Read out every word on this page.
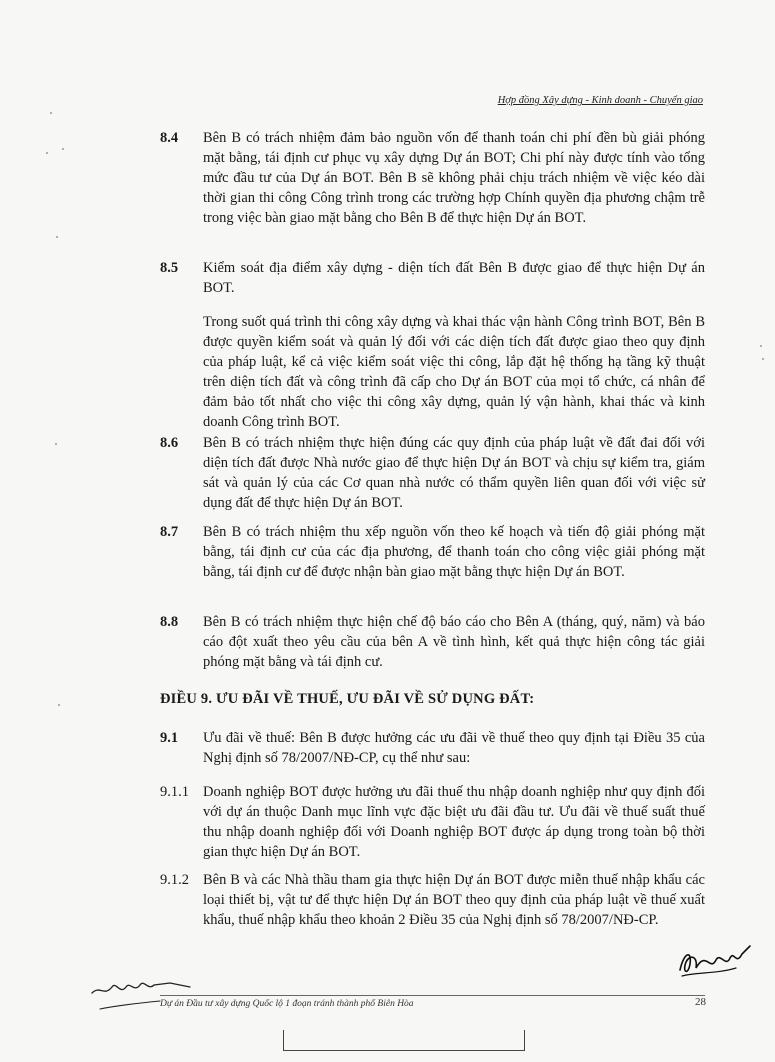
Hợp đồng Xây dựng - Kinh doanh - Chuyển giao
8.4	Bên B có trách nhiệm đảm bảo nguồn vốn để thanh toán chi phí đền bù giải phóng mặt bằng, tái định cư phục vụ xây dựng Dự án BOT; Chi phí này được tính vào tổng mức đầu tư của Dự án BOT. Bên B sẽ không phải chịu trách nhiệm về việc kéo dài thời gian thi công Công trình trong các trường hợp Chính quyền địa phương chậm trễ trong việc bàn giao mặt bằng cho Bên B để thực hiện Dự án BOT.
8.5	Kiểm soát địa điểm xây dựng - diện tích đất Bên B được giao để thực hiện Dự án BOT.
Trong suốt quá trình thi công xây dựng và khai thác vận hành Công trình BOT, Bên B được quyền kiểm soát và quản lý đối với các diện tích đất được giao theo quy định của pháp luật, kể cả việc kiểm soát việc thi công, lắp đặt hệ thống hạ tầng kỹ thuật trên diện tích đất và công trình đã cấp cho Dự án BOT của mọi tổ chức, cá nhân để đảm bảo tốt nhất cho việc thi công xây dựng, quản lý vận hành, khai thác và kinh doanh Công trình BOT.
8.6	Bên B có trách nhiệm thực hiện đúng các quy định của pháp luật về đất đai đối với diện tích đất được Nhà nước giao để thực hiện Dự án BOT và chịu sự kiểm tra, giám sát và quản lý của các Cơ quan nhà nước có thẩm quyền liên quan đối với việc sử dụng đất để thực hiện Dự án BOT.
8.7	Bên B có trách nhiệm thu xếp nguồn vốn theo kế hoạch và tiến độ giải phóng mặt bằng, tái định cư của các địa phương, để thanh toán cho công việc giải phóng mặt bằng, tái định cư để được nhận bàn giao mặt bằng thực hiện Dự án BOT.
8.8	Bên B có trách nhiệm thực hiện chế độ báo cáo cho Bên A (tháng, quý, năm) và báo cáo đột xuất theo yêu cầu của bên A về tình hình, kết quả thực hiện công tác giải phóng mặt bằng và tái định cư.
ĐIỀU 9. ƯU ĐÃI VỀ THUẾ, ƯU ĐÃI VỀ SỬ DỤNG ĐẤT:
9.1	Ưu đãi về thuế: Bên B được hưởng các ưu đãi về thuế theo quy định tại Điều 35 của Nghị định số 78/2007/NĐ-CP, cụ thể như sau:
9.1.1 Doanh nghiệp BOT được hưởng ưu đãi thuế thu nhập doanh nghiệp như quy định đối với dự án thuộc Danh mục lĩnh vực đặc biệt ưu đãi đầu tư. Ưu đãi về thuế suất thuế thu nhập doanh nghiệp đối với Doanh nghiệp BOT được áp dụng trong toàn bộ thời gian thực hiện Dự án BOT.
9.1.2 Bên B và các Nhà thầu tham gia thực hiện Dự án BOT được miễn thuế nhập khẩu các loại thiết bị, vật tư để thực hiện Dự án BOT theo quy định của pháp luật về thuế xuất khẩu, thuế nhập khẩu theo khoản 2 Điều 35 của Nghị định số 78/2007/NĐ-CP.
Dự án Đầu tư xây dựng Quốc lộ 1 đoạn tránh thành phố Biên Hòa	28
